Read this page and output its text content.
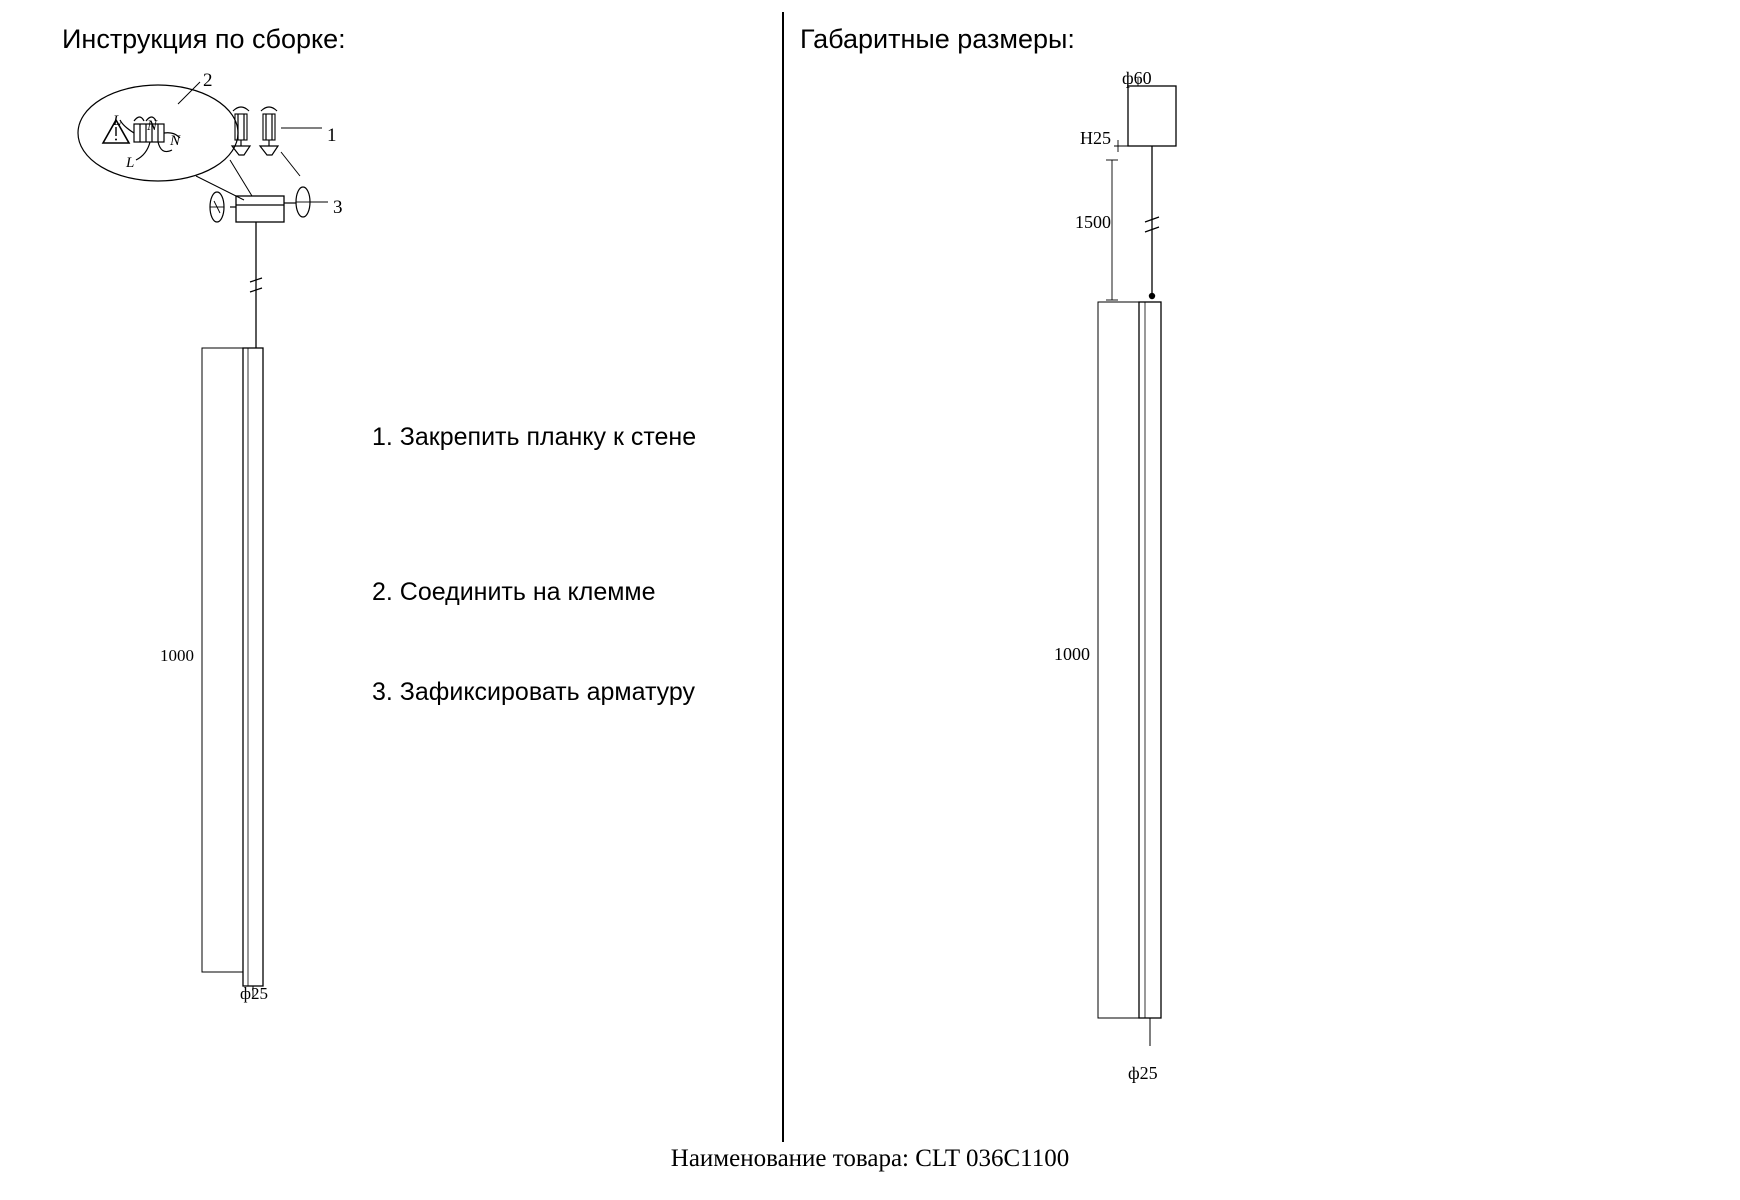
Инструкция по сборке:	Габаритные размеры:
1
2
3
L N
N
L
1000
ф25
1. Закрепить планку к стене
2. Соединить на клемме
3. Зафиксировать арматуру
ф60
H25
1500
1000
ф25
Наименование товара: CLT 036C1100
